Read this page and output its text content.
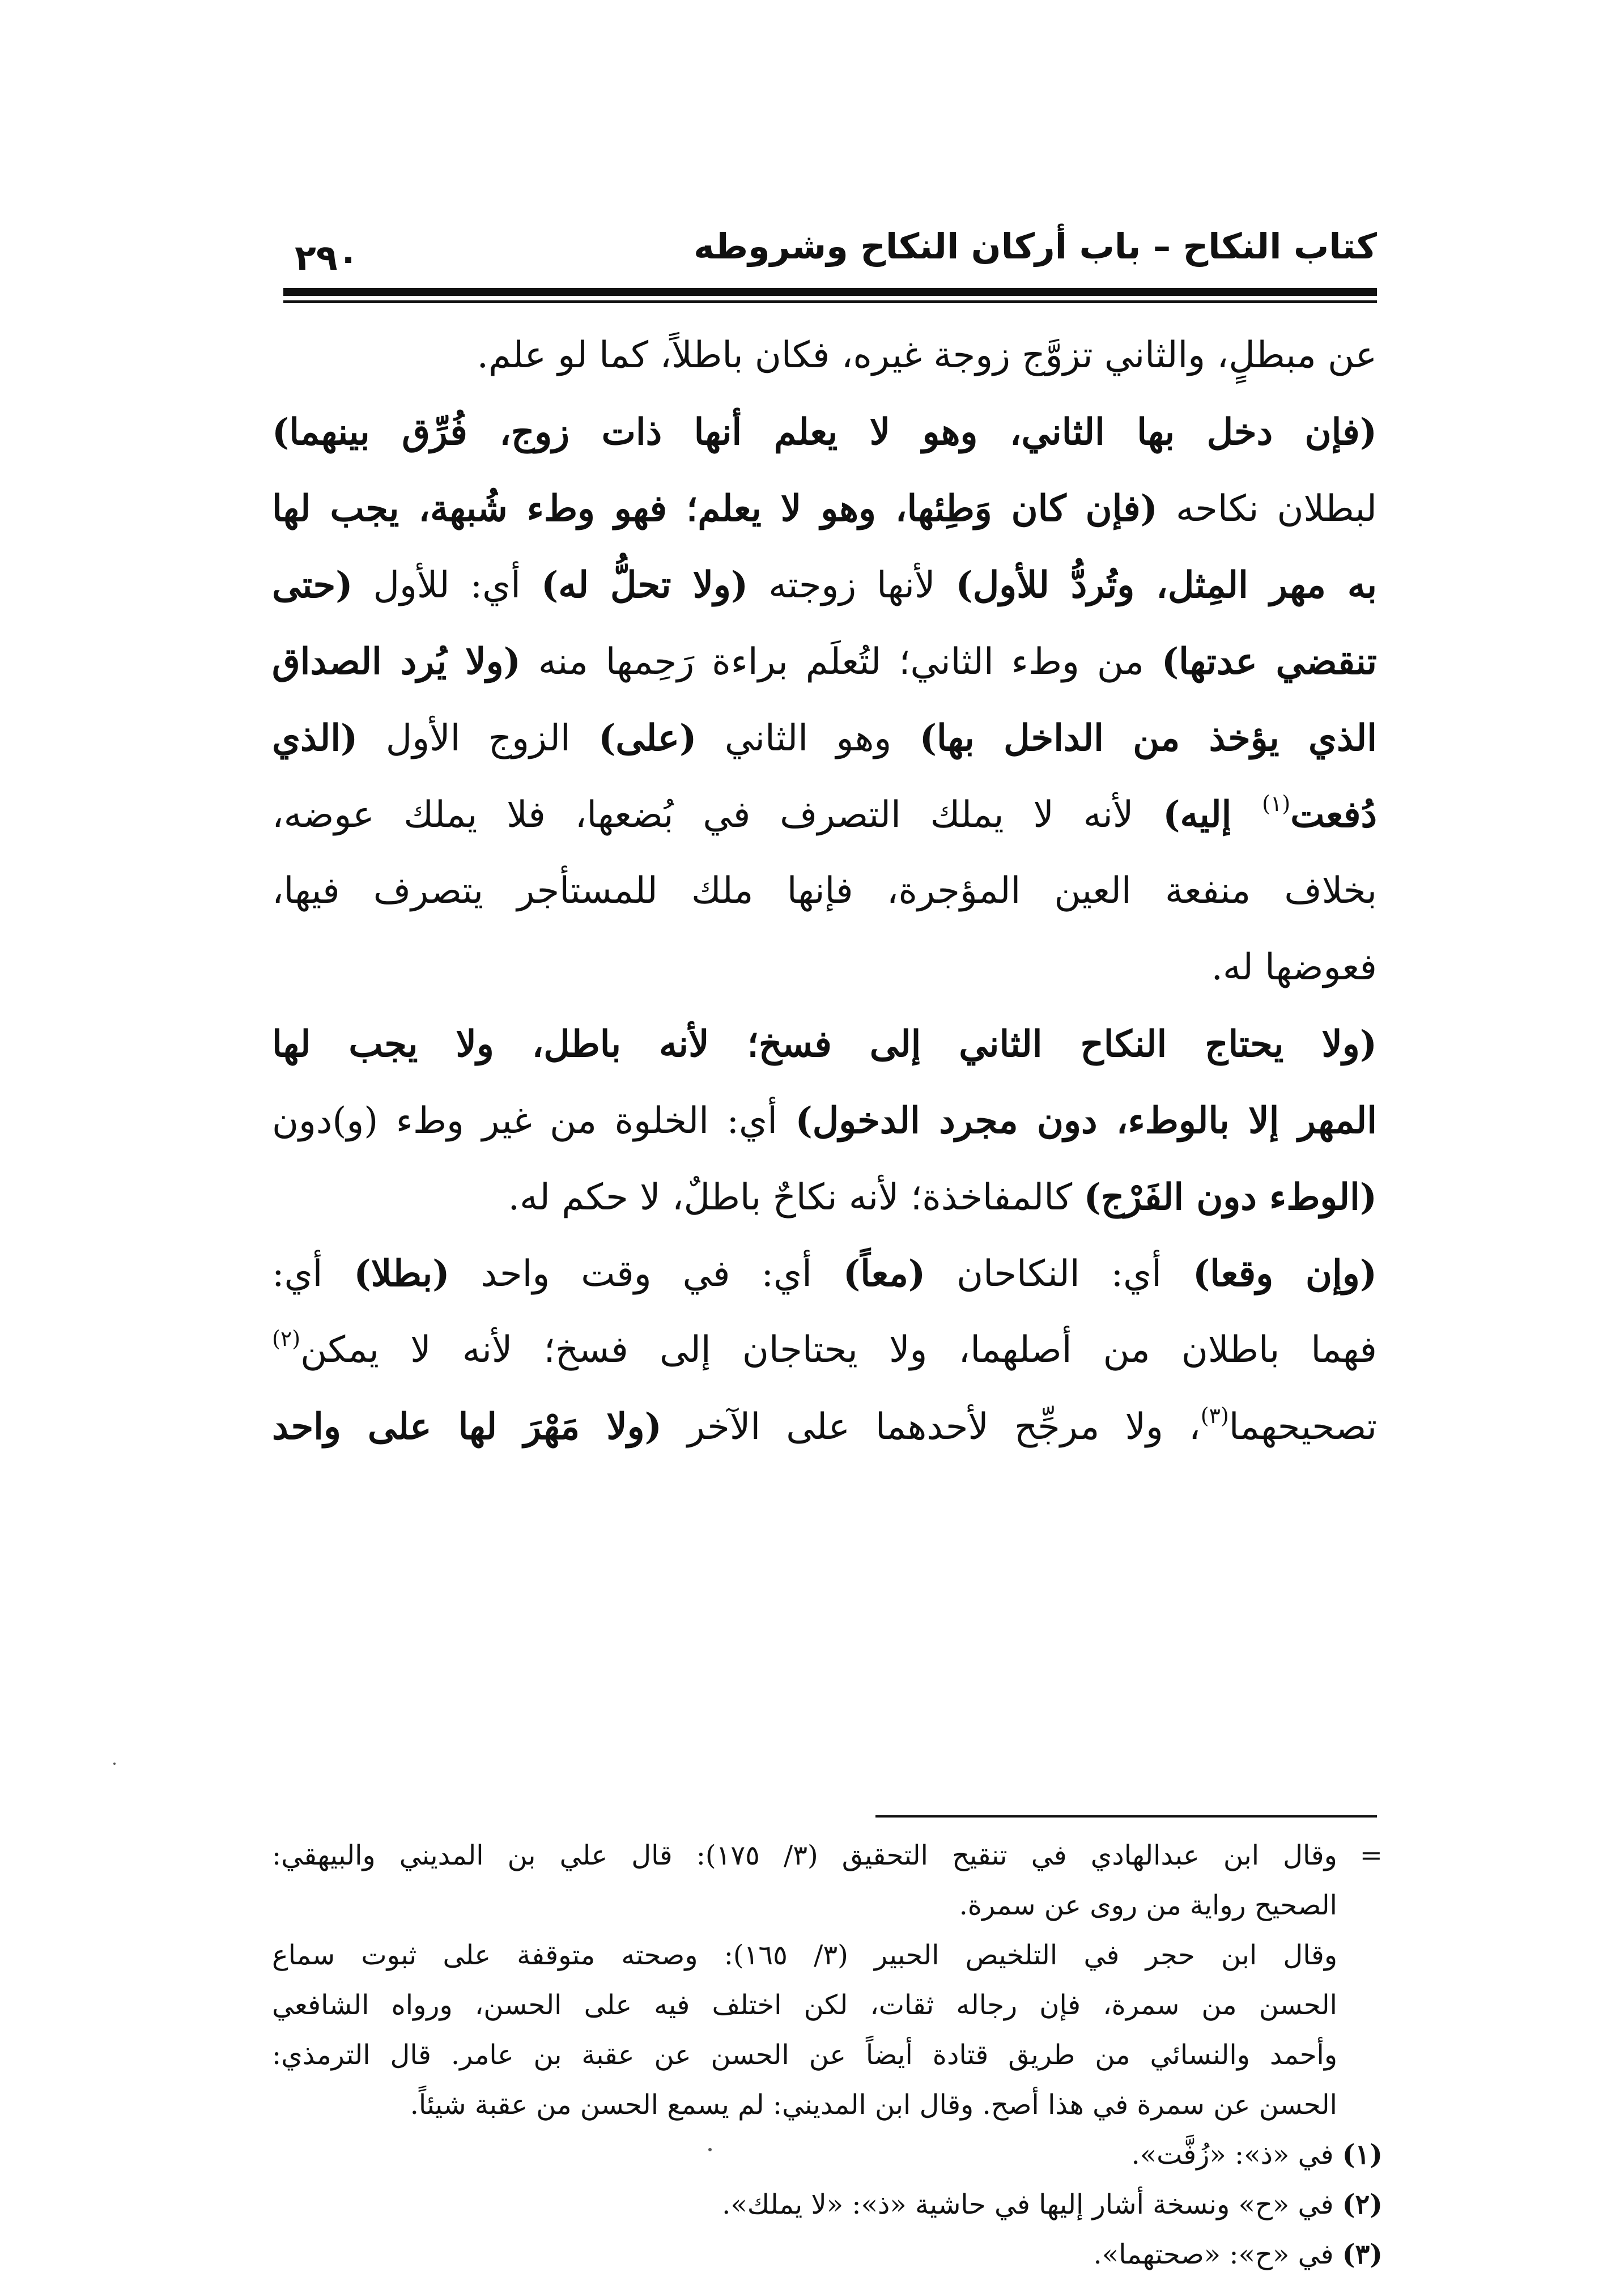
كتاب النكاح – باب أركان النكاح وشروطه
٢٩٠
عن مبطلٍ، والثاني تزوَّج زوجة غيره، فكان باطلاً، كما لو علم.
(فإن دخل بها الثاني، وهو لا يعلم أنها ذات زوج، فُرِّق بينهما)
لبطلان نكاحه (فإن كان وَطِئها، وهو لا يعلم؛ فهو وطء شُبهة، يجب لها
به مهر المِثل، وتُردُّ للأول) لأنها زوجته (ولا تحلُّ له) أي: للأول (حتى
تنقضي عدتها) من وطء الثاني؛ لتُعلَم براءة رَحِمها منه (ولا يُرد الصداق
الذي يؤخذ من الداخل بها) وهو الثاني (على) الزوج الأول (الذي
دُفعت$^{(١)}$ إليه) لأنه لا يملك التصرف في بُضعها، فلا يملك عوضه،
بخلاف منفعة العين المؤجرة، فإنها ملك للمستأجر يتصرف فيها،
فعوضها له.
(ولا يحتاج النكاح الثاني إلى فسخ؛ لأنه باطل، ولا يجب لها
المهر إلا بالوطء، دون مجرد الدخول) أي: الخلوة من غير وطء (و)دون
(الوطء دون الفَرْج) كالمفاخذة؛ لأنه نكاحٌ باطلٌ، لا حكم له.
(وإن وقعا) أي: النكاحان (معاً) أي: في وقت واحد (بطلا) أي:
فهما باطلان من أصلهما، ولا يحتاجان إلى فسخ؛ لأنه لا يمكن$^{(٢)}$
تصحيحهما$^{(٣)}$، ولا مرجِّح لأحدهما على الآخر (ولا مَهْرَ لها على واحد
=وقال ابن عبدالهادي في تنقيح التحقيق (٣/ ١٧٥): قال علي بن المديني والبيهقي:
الصحيح رواية من روى عن سمرة.
وقال ابن حجر في التلخيص الحبير (٣/ ١٦٥): وصحته متوقفة على ثبوت سماع
الحسن من سمرة، فإن رجاله ثقات، لكن اختلف فيه على الحسن، ورواه الشافعي
وأحمد والنسائي من طريق قتادة أيضاً عن الحسن عن عقبة بن عامر. قال الترمذي:
الحسن عن سمرة في هذا أصح. وقال ابن المديني: لم يسمع الحسن من عقبة شيئاً.
(١) في «ذ»: «زُفَّت».
(٢) في «ح» ونسخة أشار إليها في حاشية «ذ»: «لا يملك».
(٣) في «ح»: «صحتهما».
